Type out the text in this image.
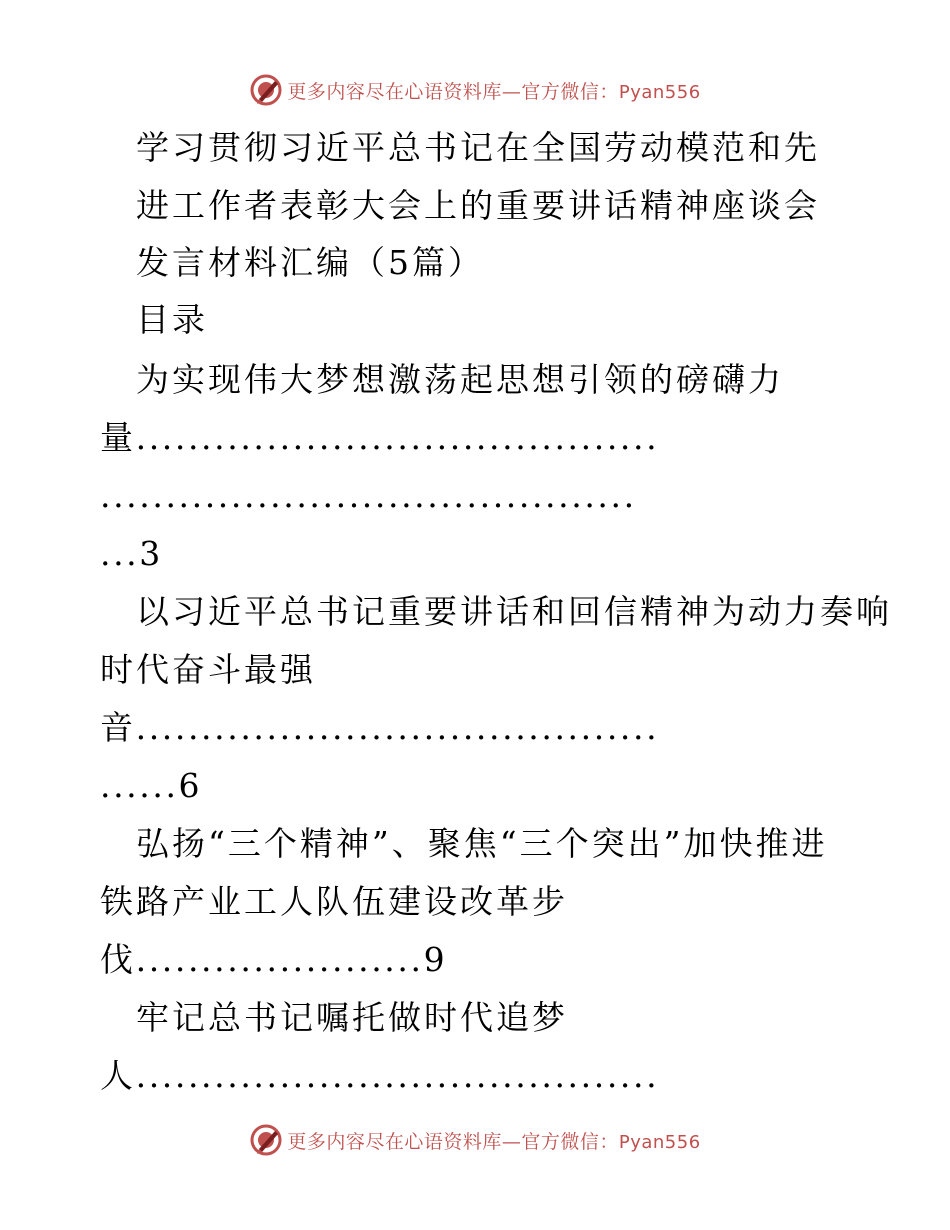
更多内容尽在心语资料库—官方微信：Pyan556
学习贯彻习近平总书记在全国劳动模范和先
进工作者表彰大会上的重要讲话精神座谈会
发言材料汇编（5篇）
目录
为实现伟大梦想激荡起思想引领的磅礴力
量........................................
.........................................
...3
以习近平总书记重要讲话和回信精神为动力奏响
时代奋斗最强
音........................................
......6
弘扬“三个精神”、聚焦“三个突出”加快推进
铁路产业工人队伍建设改革步
伐......................9
牢记总书记嘱托做时代追梦
人........................................
更多内容尽在心语资料库—官方微信：Pyan556
